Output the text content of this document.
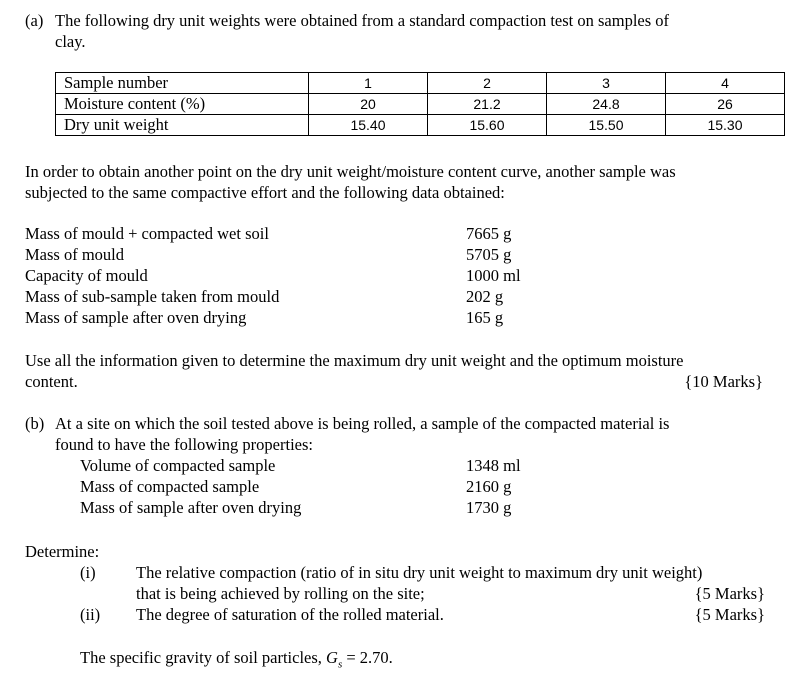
(a) The following dry unit weights were obtained from a standard compaction test on samples of
clay.
Sample number	1	2	3	4
Moisture content (%)	20	21.2	24.8	26
Dry unit weight	15.40	15.60	15.50	15.30
In order to obtain another point on the dry unit weight/moisture content curve, another sample was
subjected to the same compactive effort and the following data obtained:
Mass of mould + compacted wet soil	7665 g
Mass of mould	5705 g
Capacity of mould	1000 ml
Mass of sub-sample taken from mould	202 g
Mass of sample after oven drying	165 g
Use all the information given to determine the maximum dry unit weight and the optimum moisture
content.	{10 Marks}
(b) At a site on which the soil tested above is being rolled, a sample of the compacted material is
found to have the following properties:
Volume of compacted sample	1348 ml
Mass of compacted sample	2160 g
Mass of sample after oven drying	1730 g
Determine:
(i) The relative compaction (ratio of in situ dry unit weight to maximum dry unit weight)
that is being achieved by rolling on the site;	{5 Marks}
(ii) The degree of saturation of the rolled material.	{5 Marks}
The specific gravity of soil particles, $G_s = 2.70$.
